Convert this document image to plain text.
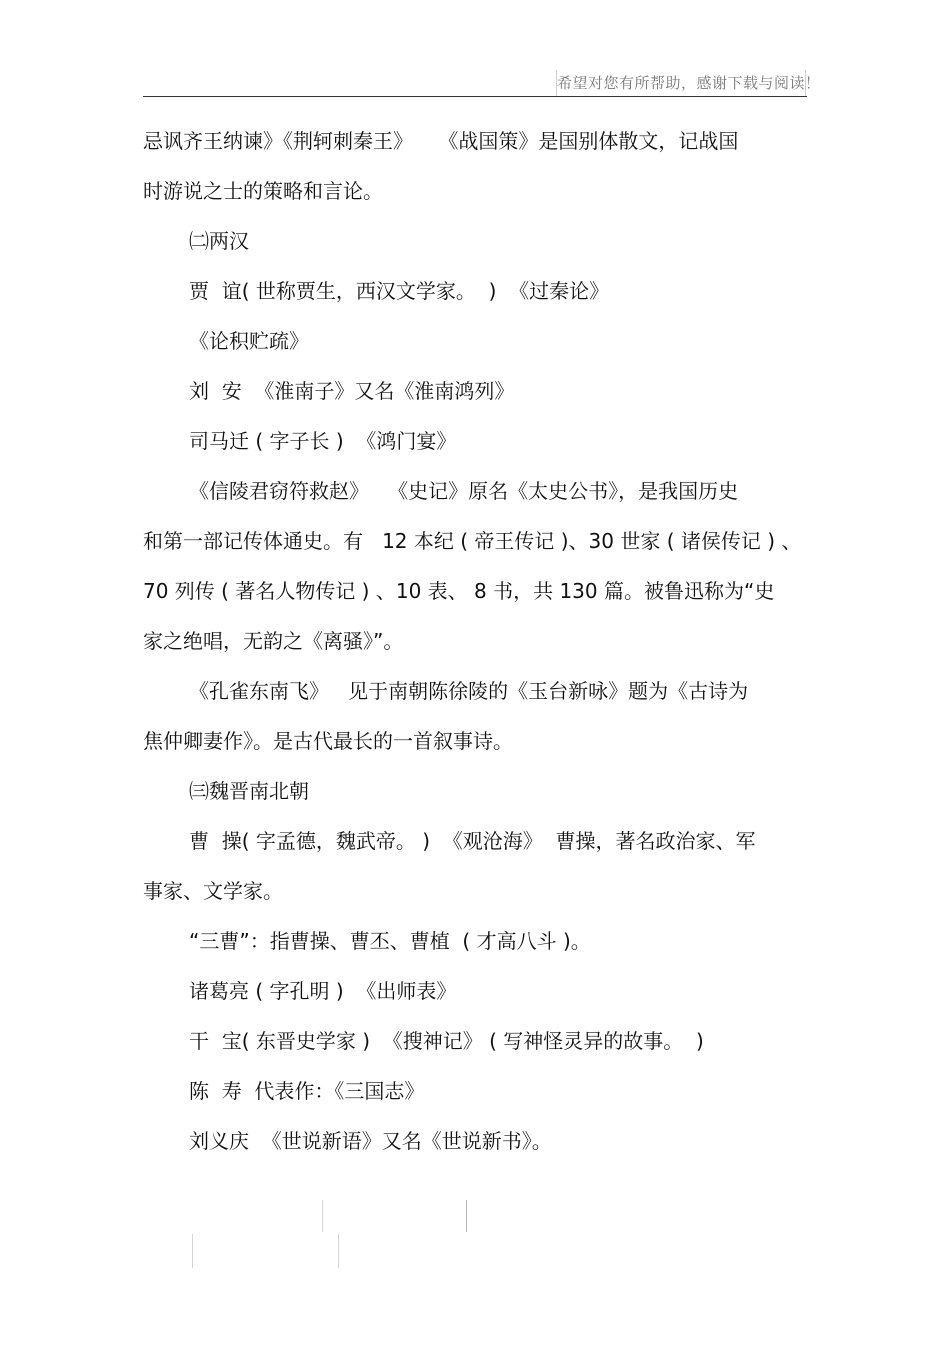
希望对您有所帮助，感谢下载与阅读！
忌讽齐王纳谏》《荆轲刺秦王》    《战国策》是国别体散文，记战国
时游说之士的策略和言论。
㈡两汉
贾  谊( 世称贾生，西汉文学家。  )  《过秦论》
《论积贮疏》
刘  安  《淮南子》又名《淮南鸿列》
司马迁 ( 字子长 )  《鸿门宴》
《信陵君窃符救赵》   《史记》原名《太史公书》，是我国历史
和第一部记传体通史。有   12 本纪 ( 帝王传记 )、30 世家 ( 诸侯传记 ) 、
70 列传 ( 著名人物传记 ) 、10 表、 8 书，共 130 篇。被鲁迅称为“史
家之绝唱，无韵之《离骚》”。
《孔雀东南飞》   见于南朝陈徐陵的《玉台新咏》题为《古诗为
焦仲卿妻作》。是古代最长的一首叙事诗。
㈢魏晋南北朝
曹  操( 字孟德，魏武帝。 )  《观沧海》  曹操，著名政治家、军
事家、文学家。
“三曹”：指曹操、曹丕、曹植  ( 才高八斗 )。
诸葛亮 ( 字孔明 )  《出师表》
干  宝( 东晋史学家 )  《搜神记》 ( 写神怪灵异的故事。  )
陈  寿  代表作：《三国志》
刘义庆  《世说新语》又名《世说新书》。
